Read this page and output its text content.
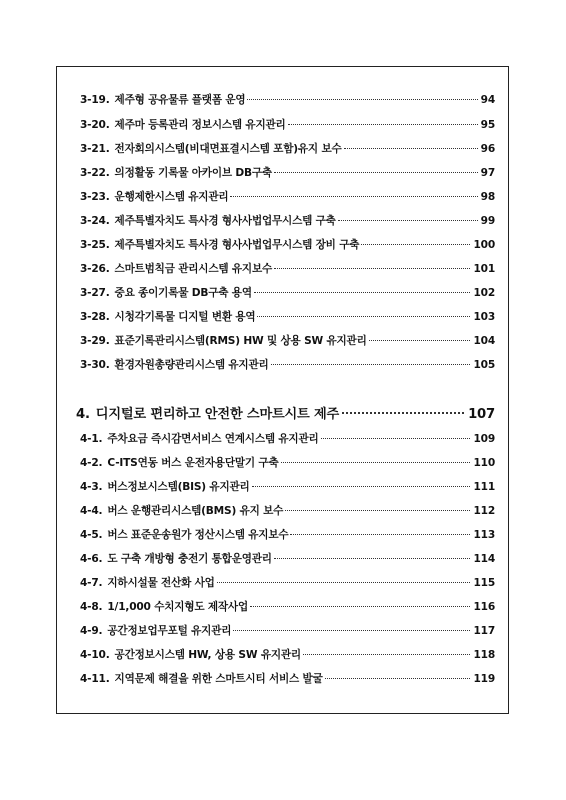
3-19. 제주형 공유물류 플랫폼 운영	94
3-20. 제주마 등록관리 정보시스템 유지관리	95
3-21. 전자회의시스템(비대면표결시스템 포함)유지 보수	96
3-22. 의정활동 기록물 아카이브 DB구축	97
3-23. 운행제한시스템 유지관리	98
3-24. 제주특별자치도 특사경 형사사법업무시스템 구축	99
3-25. 제주특별자치도 특사경 형사사법업무시스템 장비 구축	100
3-26. 스마트범칙금 관리시스템 유지보수	101
3-27. 중요 종이기록물 DB구축 용역	102
3-28. 시청각기록물 디지털 변환 용역	103
3-29. 표준기록관리시스템(RMS) HW 및 상용 SW 유지관리	104
3-30. 환경자원총량관리시스템 유지관리	105
4. 디지털로 편리하고 안전한 스마트시트 제주	107
4-1. 주차요금 즉시감면서비스 연계시스템 유지관리	109
4-2. C-ITS연동 버스 운전자용단말기 구축	110
4-3. 버스정보시스템(BIS) 유지관리	111
4-4. 버스 운행관리시스템(BMS) 유지 보수	112
4-5. 버스 표준운송원가 정산시스템 유지보수	113
4-6. 도 구축 개방형 충전기 통합운영관리	114
4-7. 지하시설물 전산화 사업	115
4-8. 1/1,000 수치지형도 제작사업	116
4-9. 공간정보업무포털 유지관리	117
4-10. 공간정보시스템 HW, 상용 SW 유지관리	118
4-11. 지역문제 해결을 위한 스마트시티 서비스 발굴	119
